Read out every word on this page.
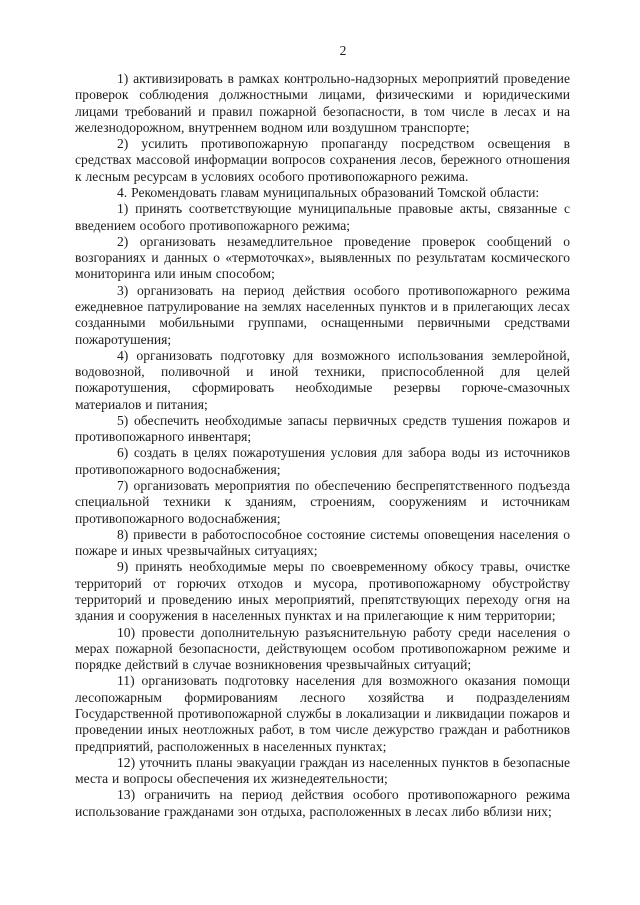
2

1) активизировать в рамках контрольно-надзорных мероприятий проведение проверок соблюдения должностными лицами, физическими и юридическими лицами требований и правил пожарной безопасности, в том числе в лесах и на железнодорожном, внутреннем водном или воздушном транспорте;

2) усилить противопожарную пропаганду посредством освещения в средствах массовой информации вопросов сохранения лесов, бережного отношения к лесным ресурсам в условиях особого противопожарного режима.

4. Рекомендовать главам муниципальных образований Томской области:

1) принять соответствующие муниципальные правовые акты, связанные с введением особого противопожарного режима;

2) организовать незамедлительное проведение проверок сообщений о возгораниях и данных о «термоточках», выявленных по результатам космического мониторинга или иным способом;

3) организовать на период действия особого противопожарного режима ежедневное патрулирование на землях населенных пунктов и в прилегающих лесах созданными мобильными группами, оснащенными первичными средствами пожаротушения;

4) организовать подготовку для возможного использования землеройной, водовозной, поливочной и иной техники, приспособленной для целей пожаротушения, сформировать необходимые резервы горюче-смазочных материалов и питания;

5) обеспечить необходимые запасы первичных средств тушения пожаров и противопожарного инвентаря;

6) создать в целях пожаротушения условия для забора воды из источников противопожарного водоснабжения;

7) организовать мероприятия по обеспечению беспрепятственного подъезда специальной техники к зданиям, строениям, сооружениям и источникам противопожарного водоснабжения;

8) привести в работоспособное состояние системы оповещения населения о пожаре и иных чрезвычайных ситуациях;

9) принять необходимые меры по своевременному обкосу травы, очистке территорий от горючих отходов и мусора, противопожарному обустройству территорий и проведению иных мероприятий, препятствующих переходу огня на здания и сооружения в населенных пунктах и на прилегающие к ним территории;

10) провести дополнительную разъяснительную работу среди населения о мерах пожарной безопасности, действующем особом противопожарном режиме и порядке действий в случае возникновения чрезвычайных ситуаций;

11) организовать подготовку населения для возможного оказания помощи лесопожарным формированиям лесного хозяйства и подразделениям Государственной противопожарной службы в локализации и ликвидации пожаров и проведении иных неотложных работ, в том числе дежурство граждан и работников предприятий, расположенных в населенных пунктах;

12) уточнить планы эвакуации граждан из населенных пунктов в безопасные места и вопросы обеспечения их жизнедеятельности;

13) ограничить на период действия особого противопожарного режима использование гражданами зон отдыха, расположенных в лесах либо вблизи них;
